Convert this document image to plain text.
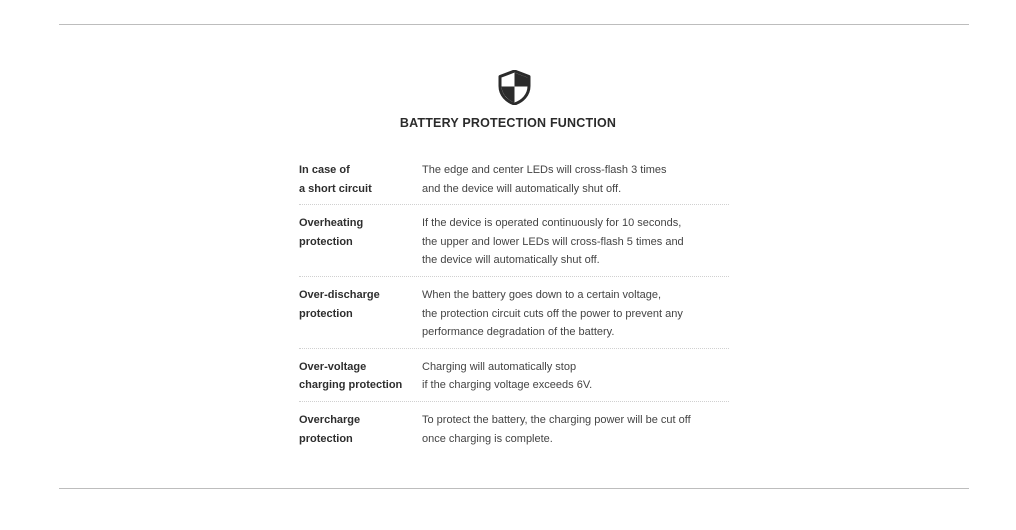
BATTERY PROTECTION FUNCTION
In case of
a short circuit
The edge and center LEDs will cross-flash 3 times
and the device will automatically shut off.
Overheating
protection
If the device is operated continuously for 10 seconds,
the upper and lower LEDs will cross-flash 5 times and
the device will automatically shut off.
Over-discharge
protection
When the battery goes down to a certain voltage,
the protection circuit cuts off the power to prevent any
performance degradation of the battery.
Over-voltage
charging protection
Charging will automatically stop
if the charging voltage exceeds 6V.
Overcharge
protection
To protect the battery, the charging power will be cut off
once charging is complete.
